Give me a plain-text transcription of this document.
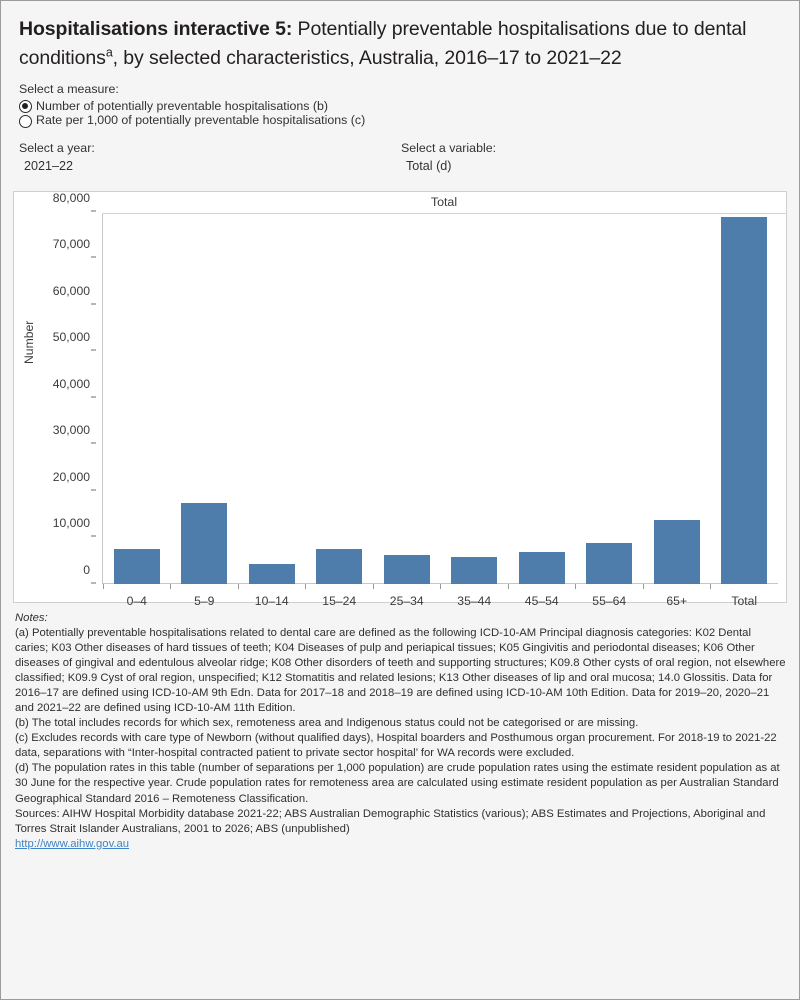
Hospitalisations interactive 5: Potentially preventable hospitalisations due to dental conditions$^a$, by selected characteristics, Australia, 2016–17 to 2021–22
Select a measure:
Number of potentially preventable hospitalisations (b)
Rate per 1,000 of potentially preventable hospitalisations (c)
Select a year:
2021–22
Select a variable:
Total (d)
Total
Number
0
10,000
20,000
30,000
40,000
50,000
60,000
70,000
80,000
0–4	5–9	10–14	15–24	25–34	35–44	45–54	55–64	65+	Total

Notes:

(a) Potentially preventable hospitalisations related to dental care are defined as the following ICD-10-AM Principal diagnosis categories: K02 Dental caries; K03 Other diseases of hard tissues of teeth; K04 Diseases of pulp and periapical tissues; K05 Gingivitis and periodontal diseases; K06 Other diseases of gingival and edentulous alveolar ridge; K08 Other disorders of teeth and supporting structures; K09.8 Other cysts of oral region, not elsewhere classified; K09.9 Cyst of oral region, unspecified; K12 Stomatitis and related lesions; K13 Other diseases of lip and oral mucosa; 14.0 Glossitis. Data for 2016–17 are defined using ICD-10-AM 9th Edn. Data for 2017–18 and 2018–19 are defined using ICD-10-AM 10th Edition. Data for 2019–20, 2020–21 and 2021–22 are defined using ICD-10-AM 11th Edition.

(b) The total includes records for which sex, remoteness area and Indigenous status could not be categorised or are missing.

(c) Excludes records with care type of Newborn (without qualified days), Hospital boarders and Posthumous organ procurement. For 2018-19 to 2021-22 data, separations with “Inter-hospital contracted patient to private sector hospital’ for WA records were excluded.

(d) The population rates in this table (number of separations per 1,000 population) are crude population rates using the estimate resident population as at 30 June for the respective year. Crude population rates for remoteness area are calculated using estimate resident population as per Australian Standard Geographical Standard 2016 – Remoteness Classification.

Sources: AIHW Hospital Morbidity database 2021-22; ABS Australian Demographic Statistics (various); ABS Estimates and Projections, Aboriginal and Torres Strait Islander Australians, 2001 to 2026; ABS (unpublished)

http://www.aihw.gov.au
